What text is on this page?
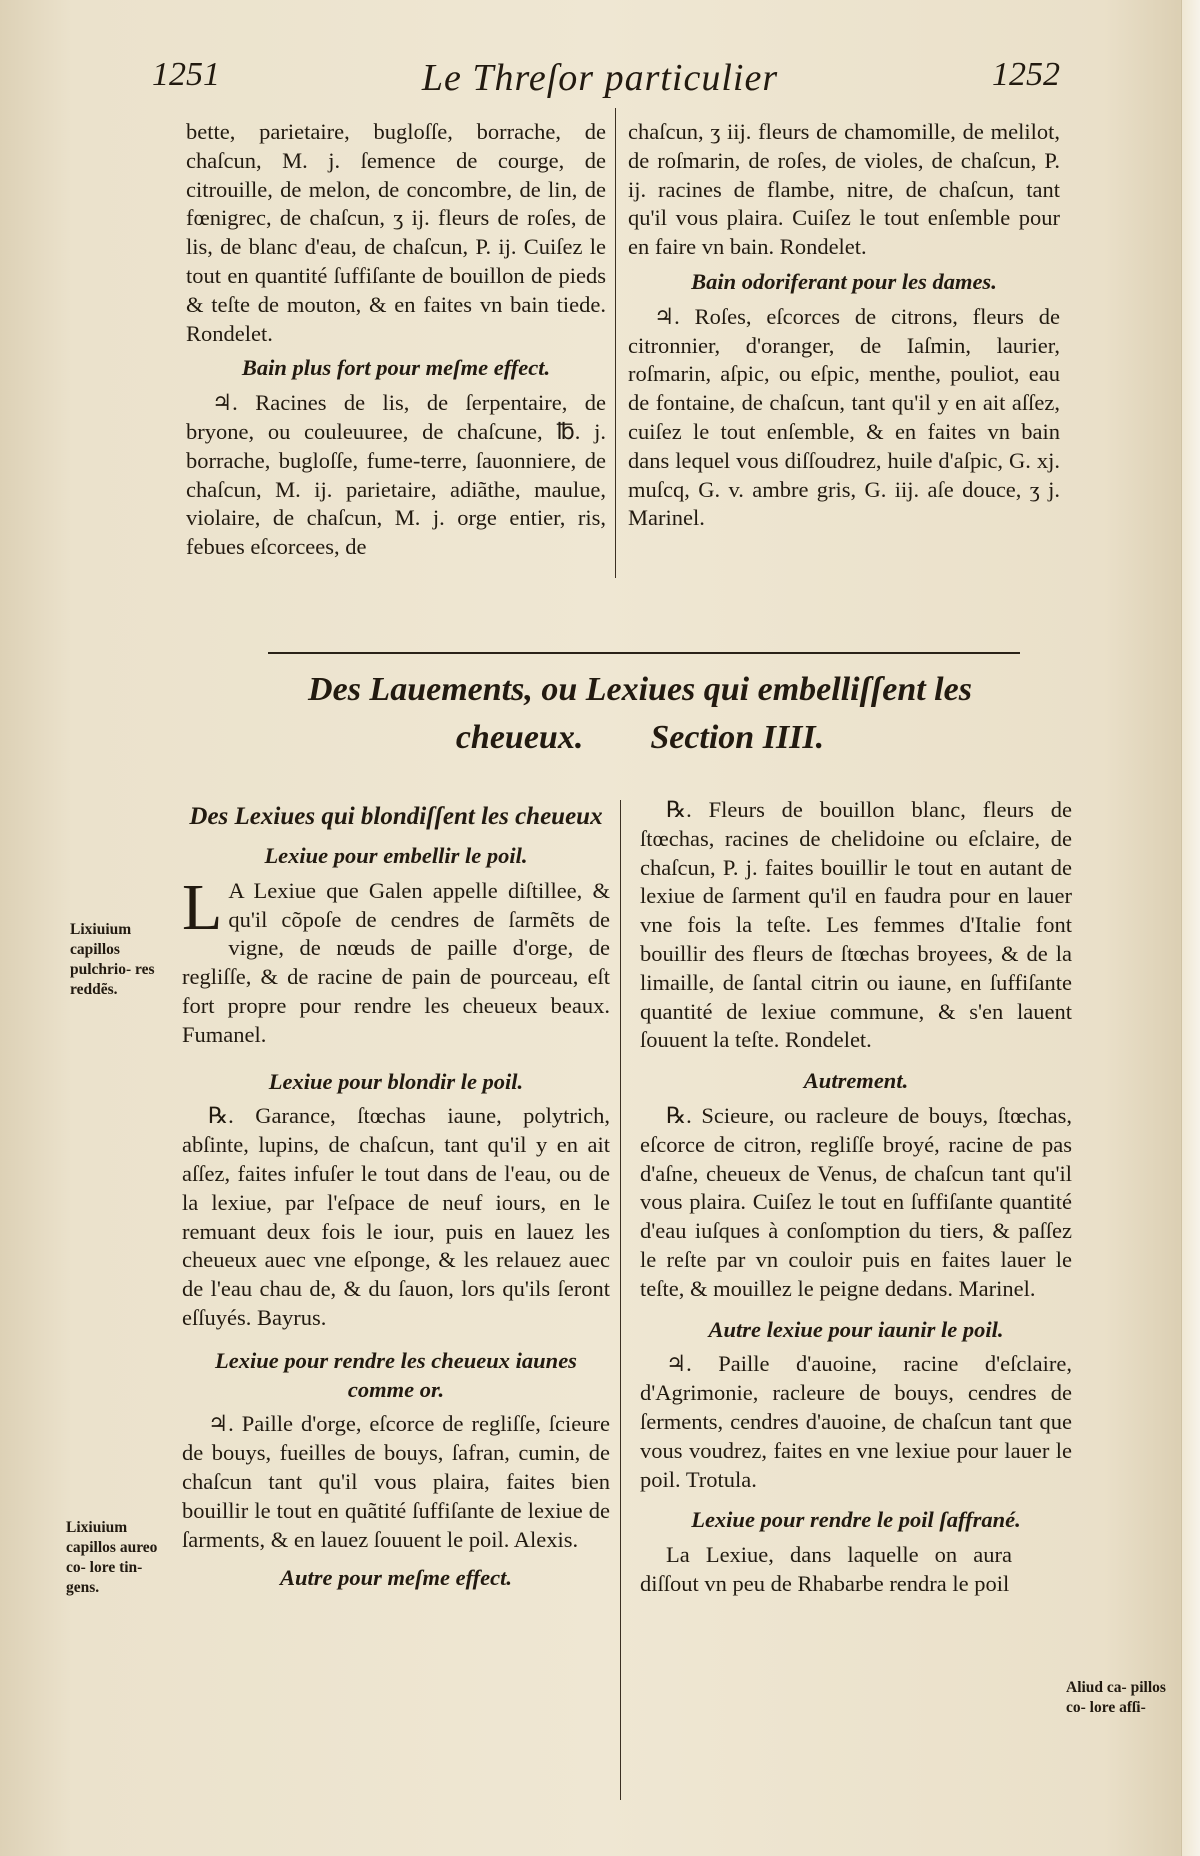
1251	Le Threſor particulier	1252

bette, parietaire, bugloſſe, borrache, de chaſcun, M. j. ſemence de courge, de citrouille, de melon, de concombre, de lin, de fœnigrec, de chaſcun, ʒ ij. fleurs de roſes, de lis, de blanc d'eau, de chaſcun, P. ij. Cuiſez le tout en quantité ſuffiſante de bouillon de pieds & teſte de mouton, & en faites vn bain tiede. Rondelet.

Bain plus fort pour meſme effect.

♃. Racines de lis, de ſerpentaire, de bryone, ou couleuuree, de chaſcune, ℔. j. borrache, bugloſſe, fume-terre, ſauonniere, de chaſcun, M. ij. parietaire, adiãthe, maulue, violaire, de chaſcun, M. j. orge entier, ris, febues eſcorcees, de

chaſcun, ʒ iij. fleurs de chamomille, de melilot, de roſmarin, de roſes, de violes, de chaſcun, P. ij. racines de flambe, nitre, de chaſcun, tant qu'il vous plaira. Cuiſez le tout enſemble pour en faire vn bain. Rondelet.

Bain odoriferant pour les dames.

♃. Roſes, eſcorces de citrons, fleurs de citronnier, d'oranger, de Iaſmin, laurier, roſmarin, aſpic, ou eſpic, menthe, pouliot, eau de fontaine, de chaſcun, tant qu'il y en ait aſſez, cuiſez le tout enſemble, & en faites vn bain dans lequel vous diſſoudrez, huile d'aſpic, G. xj. muſcq, G. v. ambre gris, G. iij. aſe douce, ʒ j. Marinel.

Des Lauements, ou Lexiues qui embelliſſent les
cheueux. Section IIII.
Des Lexiues qui blondiſſent les cheueux
Lexiue pour embellir le poil.

L A Lexiue que Galen appelle diſtillee, & qu'il cõpoſe de cendres de ſarmẽts de vigne, de nœuds de paille d'orge, de regliſſe, & de racine de pain de pourceau, eſt fort propre pour rendre les cheueux beaux. Fumanel.

Lexiue pour blondir le poil.

℞. Garance, ſtœchas iaune, polytrich, abſinte, lupins, de chaſcun, tant qu'il y en ait aſſez, faites infuſer le tout dans de l'eau, ou de la lexiue, par l'eſpace de neuf iours, en le remuant deux fois le iour, puis en lauez les cheueux auec vne eſponge, & les relauez auec de l'eau chau de, & du ſauon, lors qu'ils ſeront eſſuyés. Bayrus.

Lexiue pour rendre les cheueux iaunes comme or.

♃. Paille d'orge, eſcorce de regliſſe, ſcieure de bouys, fueilles de bouys, ſafran, cumin, de chaſcun tant qu'il vous plaira, faites bien bouillir le tout en quãtité ſuffiſante de lexiue de ſarments, & en lauez ſouuent le poil. Alexis.

Autre pour meſme effect.

℞. Fleurs de bouillon blanc, fleurs de ſtœchas, racines de chelidoine ou eſclaire, de chaſcun, P. j. faites bouillir le tout en autant de lexiue de ſarment qu'il en faudra pour en lauer vne fois la teſte. Les femmes d'Italie font bouillir des fleurs de ſtœchas broyees, & de la limaille, de ſantal citrin ou iaune, en ſuffiſante quantité de lexiue commune, & s'en lauent ſouuent la teſte. Rondelet.

Autrement.

℞. Scieure, ou racleure de bouys, ſtœchas, eſcorce de citron, regliſſe broyé, racine de pas d'aſne, cheueux de Venus, de chaſcun tant qu'il vous plaira. Cuiſez le tout en ſuffiſante quantité d'eau iuſques à conſomption du tiers, & paſſez le reſte par vn couloir puis en faites lauer le teſte, & mouillez le peigne dedans. Marinel.

Autre lexiue pour iaunir le poil.

♃. Paille d'auoine, racine d'eſclaire, d'Agrimonie, racleure de bouys, cendres de ſerments, cendres d'auoine, de chaſcun tant que vous voudrez, faites en vne lexiue pour lauer le poil. Trotula.

Lexiue pour rendre le poil ſaffrané.

La Lexiue, dans laquelle on aura diſſout vn peu de Rhabarbe rendra le poil

Lixiuium capillos pulchrio- res reddẽs.
Lixiuium capillos aureo co- lore tin- gens.
Aliud ca- pillos co- lore afſi-
